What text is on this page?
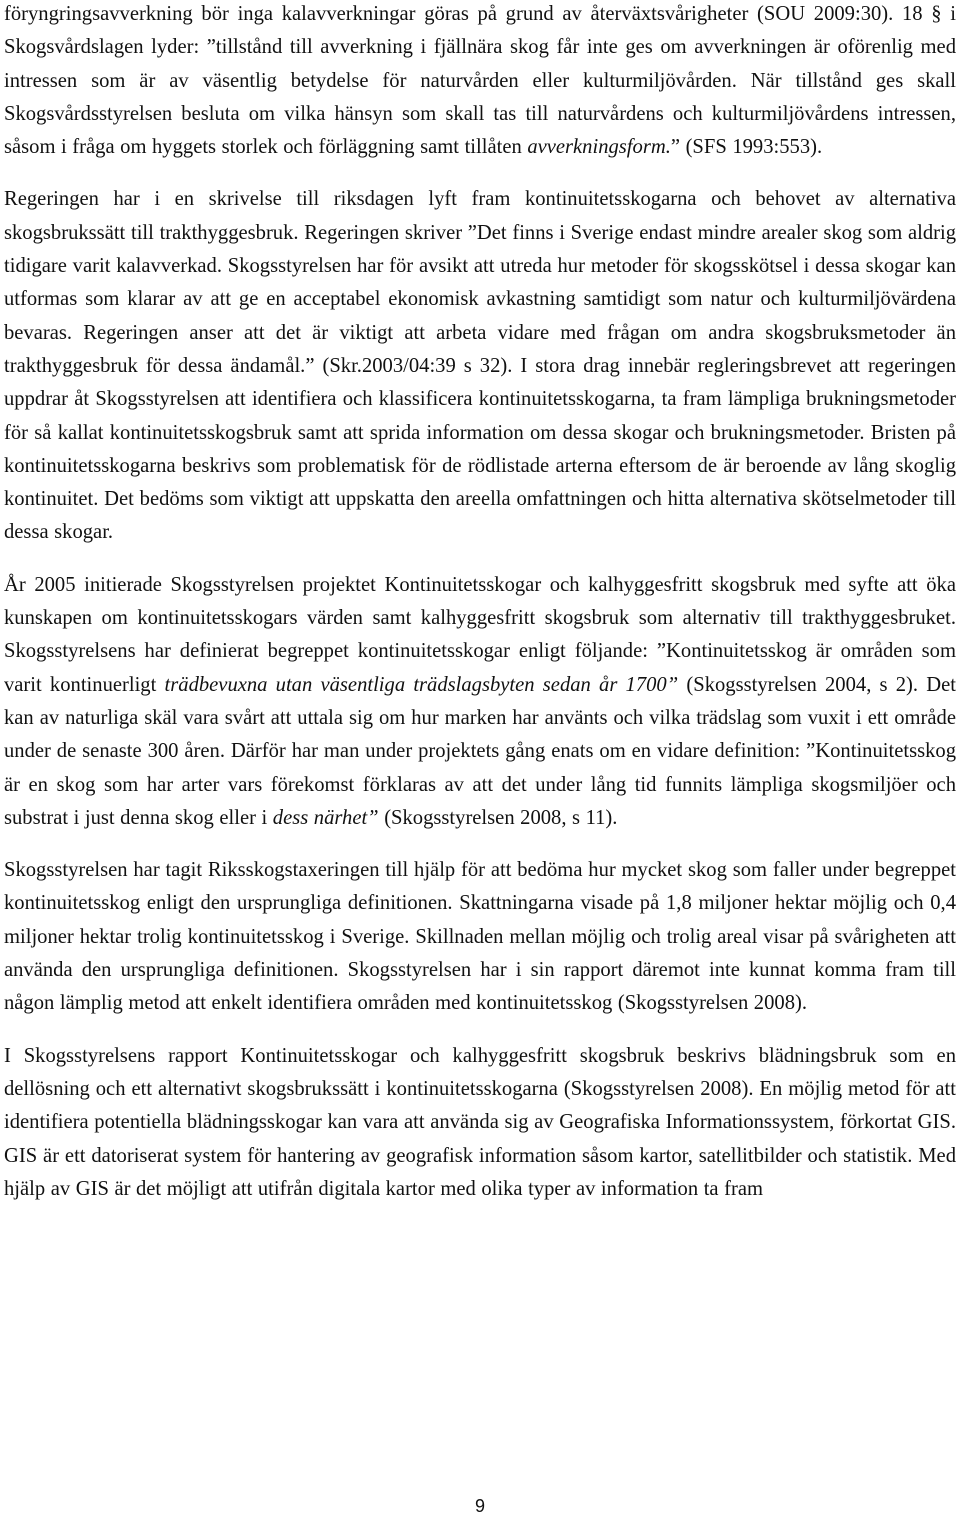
föryngringsavverkning bör inga kalavverkningar göras på grund av återväxtsvårigheter (SOU 2009:30). 18 § i Skogsvårdslagen lyder: ”tillstånd till avverkning i fjällnära skog får inte ges om avverkningen är oförenlig med intressen som är av väsentlig betydelse för naturvården eller kulturmiljövården. När tillstånd ges skall Skogsvårdsstyrelsen besluta om vilka hänsyn som skall tas till naturvårdens och kulturmiljövårdens intressen, såsom i fråga om hyggets storlek och förläggning samt tillåten avverkningsform.” (SFS 1993:553).

Regeringen har i en skrivelse till riksdagen lyft fram kontinuitetsskogarna och behovet av alternativa skogsbrukssätt till trakthyggesbruk. Regeringen skriver ”Det finns i Sverige endast mindre arealer skog som aldrig tidigare varit kalavverkad. Skogsstyrelsen har för avsikt att utreda hur metoder för skogsskötsel i dessa skogar kan utformas som klarar av att ge en acceptabel ekonomisk avkastning samtidigt som natur och kulturmiljövärdena bevaras. Regeringen anser att det är viktigt att arbeta vidare med frågan om andra skogsbruksmetoder än trakthyggesbruk för dessa ändamål.” (Skr.2003/04:39 s 32). I stora drag innebär regleringsbrevet att regeringen uppdrar åt Skogsstyrelsen att identifiera och klassificera kontinuitetsskogarna, ta fram lämpliga brukningsmetoder för så kallat kontinuitetsskogsbruk samt att sprida information om dessa skogar och brukningsmetoder. Bristen på kontinuitetsskogarna beskrivs som problematisk för de rödlistade arterna eftersom de är beroende av lång skoglig kontinuitet. Det bedöms som viktigt att uppskatta den areella omfattningen och hitta alternativa skötselmetoder till dessa skogar.

År 2005 initierade Skogsstyrelsen projektet Kontinuitetsskogar och kalhyggesfritt skogsbruk med syfte att öka kunskapen om kontinuitetsskogars värden samt kalhyggesfritt skogsbruk som alternativ till trakthyggesbruket. Skogsstyrelsens har definierat begreppet kontinuitetsskogar enligt följande: ”Kontinuitetsskog är områden som varit kontinuerligt trädbevuxna utan väsentliga trädslagsbyten sedan år 1700” (Skogsstyrelsen 2004, s 2). Det kan av naturliga skäl vara svårt att uttala sig om hur marken har använts och vilka trädslag som vuxit i ett område under de senaste 300 åren. Därför har man under projektets gång enats om en vidare definition: ”Kontinuitetsskog är en skog som har arter vars förekomst förklaras av att det under lång tid funnits lämpliga skogsmiljöer och substrat i just denna skog eller i dess närhet” (Skogsstyrelsen 2008, s 11).

Skogsstyrelsen har tagit Riksskogstaxeringen till hjälp för att bedöma hur mycket skog som faller under begreppet kontinuitetsskog enligt den ursprungliga definitionen. Skattningarna visade på 1,8 miljoner hektar möjlig och 0,4 miljoner hektar trolig kontinuitetsskog i Sverige. Skillnaden mellan möjlig och trolig areal visar på svårigheten att använda den ursprungliga definitionen. Skogsstyrelsen har i sin rapport däremot inte kunnat komma fram till någon lämplig metod att enkelt identifiera områden med kontinuitetsskog (Skogsstyrelsen 2008).

I Skogsstyrelsens rapport Kontinuitetsskogar och kalhyggesfritt skogsbruk beskrivs blädningsbruk som en dellösning och ett alternativt skogsbrukssätt i kontinuitetsskogarna (Skogsstyrelsen 2008). En möjlig metod för att identifiera potentiella blädningsskogar kan vara att använda sig av Geografiska Informationssystem, förkortat GIS. GIS är ett datoriserat system för hantering av geografisk information såsom kartor, satellitbilder och statistik. Med hjälp av GIS är det möjligt att utifrån digitala kartor med olika typer av information ta fram

9
